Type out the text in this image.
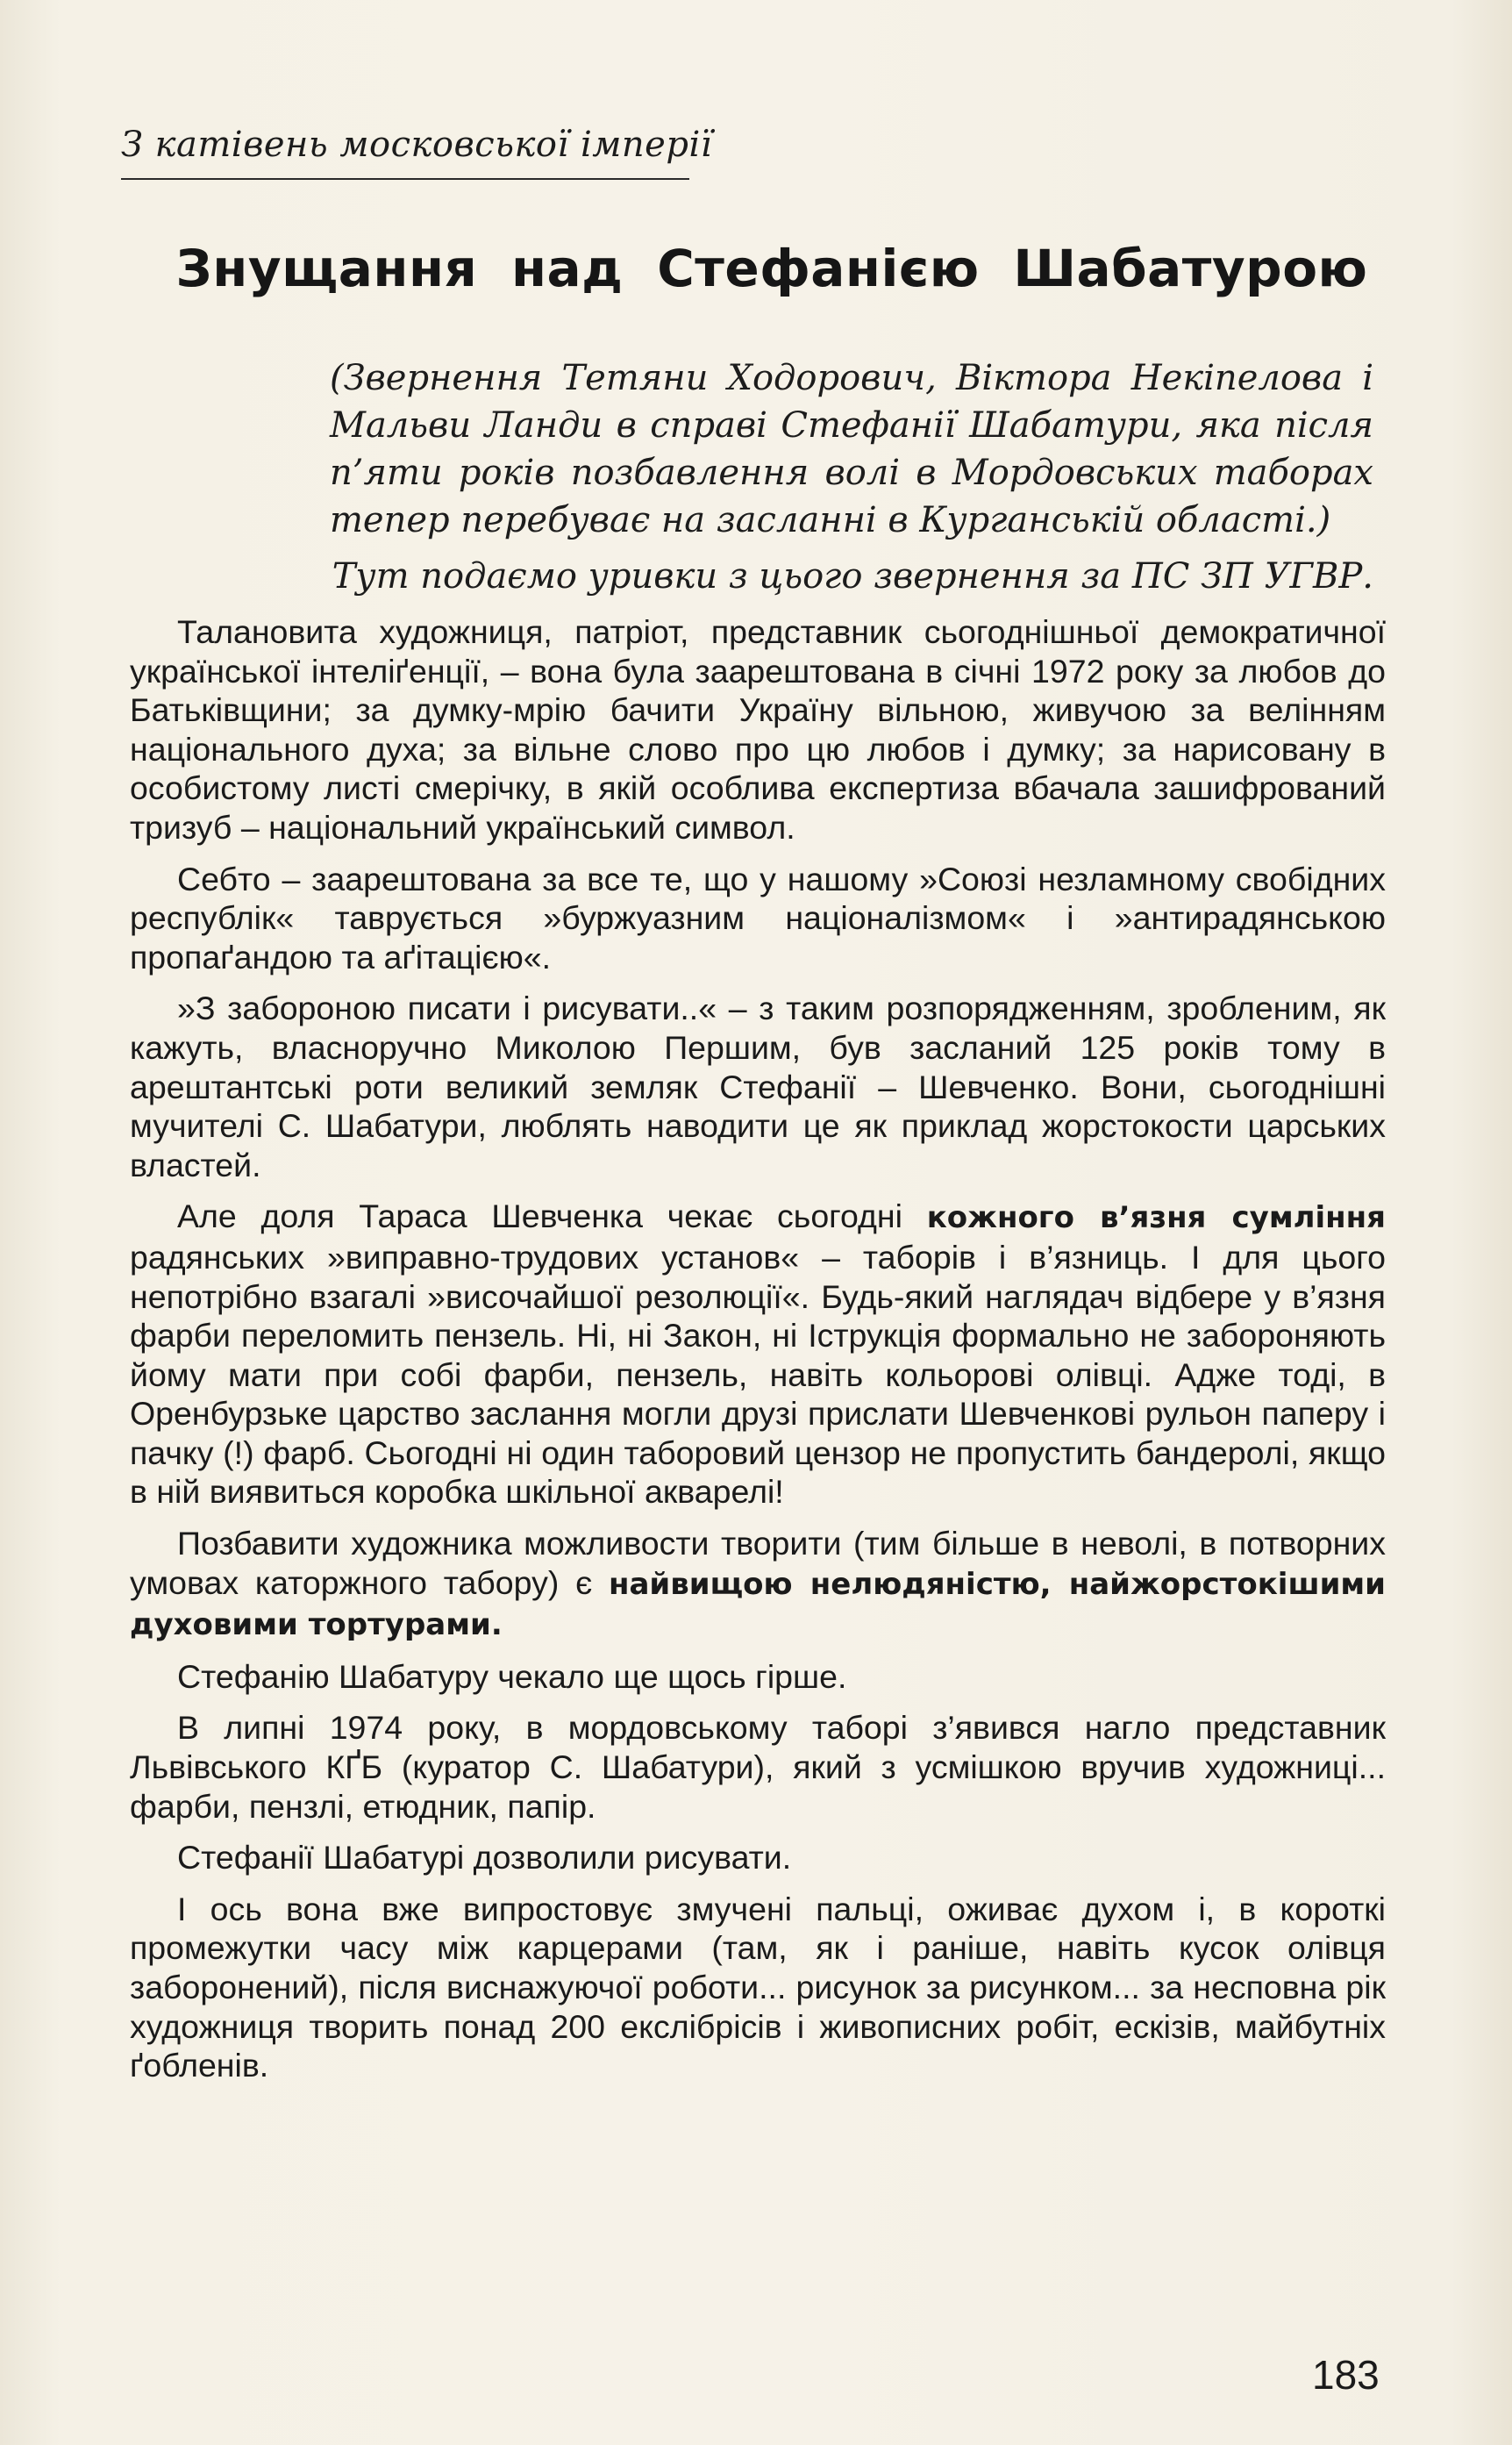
З катівень московської імперії
Знущання над Стефанією Шабатурою
(Звернення Тетяни Ходорович, Віктора Некіпелова і Мальви Ланди в справі Стефанії Шабатури, яка після п’яти років позбавлення волі в Мордовських таборах тепер перебуває на засланні в Курганській області.)
Тут подаємо уривки з цього звернення за ПС ЗП УГВР.

Талановита художниця, патріот, представник сьогоднішньої демократичної української інтеліґенції, – вона була заарештована в січні 1972 року за любов до Батьківщини; за думку-мрію бачити Україну вільною, живучою за велінням національного духа; за вільне слово про цю любов і думку; за нарисовану в особистому листі смерічку, в якій особлива експертиза вбачала зашифрований тризуб – національний український символ.

Себто – заарештована за все те, що у нашому »Союзі незламному свобідних республік« таврується »буржуазним націоналізмом« і »антирадянською пропаґандою та аґітацією«.

»З забороною писати і рисувати..« – з таким розпорядженням, зробленим, як кажуть, власноручно Миколою Першим, був засланий 125 років тому в арештантські роти великий земляк Стефанії – Шевченко. Вони, сьогоднішні мучителі С. Шабатури, люблять наводити це як приклад жорстокости царських властей.

Але доля Тараса Шевченка чекає сьогодні кожного в’язня сумління радянських »виправно-трудових установ« – таборів і в’язниць. І для цього непотрібно взагалі »височайшої резолюції«. Будь-який наглядач відбере у в’язня фарби переломить пензель. Ні, ні Закон, ні Іструкція формально не забороняють йому мати при собі фарби, пензель, навіть кольорові олівці. Адже тоді, в Оренбурзьке царство заслання могли друзі прислати Шевченкові рульон паперу і пачку (!) фарб. Сьогодні ні один таборовий цензор не пропустить бандеролі, якщо в ній виявиться коробка шкільної акварелі!

Позбавити художника можливости творити (тим більше в неволі, в потворних умовах каторжного табору) є найвищою нелюдяністю, найжорстокішими духовими тортурами.

Стефанію Шабатуру чекало ще щось гірше.

В липні 1974 року, в мордовському таборі з’явився нагло представник Львівського КҐБ (куратор С. Шабатури), який з усмішкою вручив художниці... фарби, пензлі, етюдник, папір.

Стефанії Шабатурі дозволили рисувати.

І ось вона вже випростовує змучені пальці, оживає духом і, в короткі промежутки часу між карцерами (там, як і раніше, навіть кусок олівця заборонений), після виснажуючої роботи... рисунок за рисунком... за несповна рік художниця творить понад 200 екслібрісів і живописних робіт, ескізів, майбутніх ґобленів.

183
